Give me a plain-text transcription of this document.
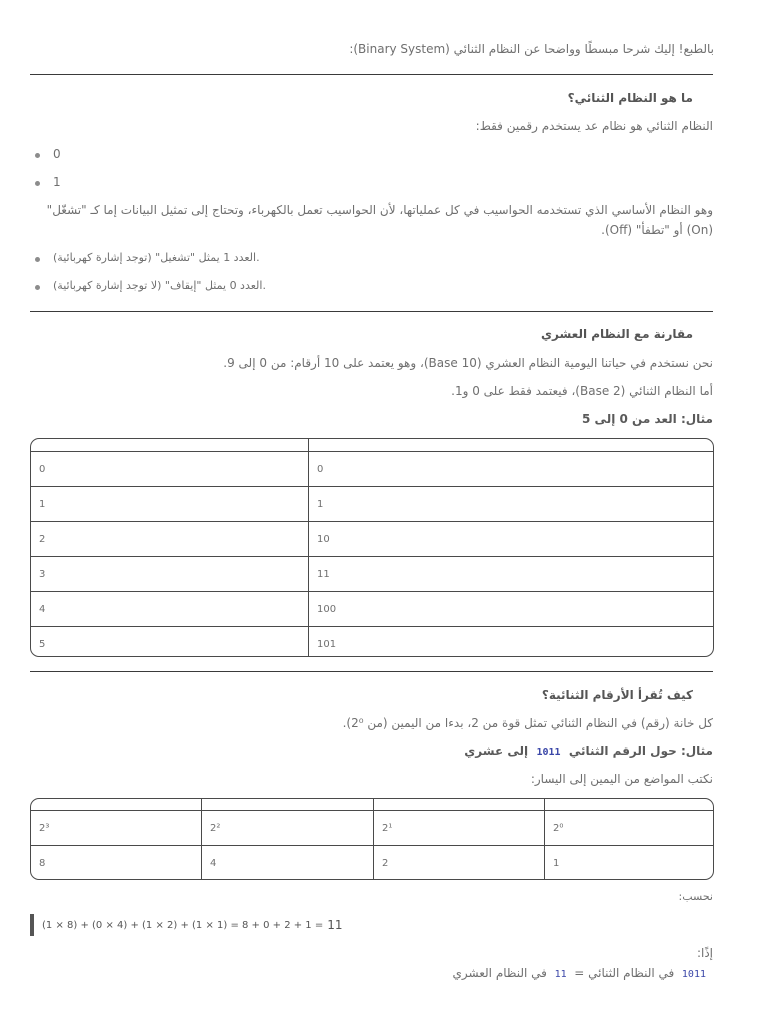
بالطبع! إليك شرحا مبسطًا وواضحا عن النظام الثنائي (Binary System):
ما هو النظام الثنائي؟
النظام الثنائي هو نظام عد يستخدم رقمين فقط:
0
1
وهو النظام الأساسي الذي تستخدمه الحواسيب في كل عملياتها، لأن الحواسيب تعمل بالكهرباء، وتحتاج إلى تمثيل البيانات إما كـ "تشغّل"
(On) أو "تطفأ" (Off).
العدد 1 يمثل "تشغيل" (توجد إشارة كهربائية).
العدد 0 يمثل "إيقاف" (لا توجد إشارة كهربائية).
مقارنة مع النظام العشري
نحن نستخدم في حياتنا اليومية النظام العشري (Base 10)، وهو يعتمد على 10 أرقام: من 0 إلى 9.
أما النظام الثنائي (Base 2)، فيعتمد فقط على 0 و1.
مثال: العد من 0 إلى 5
0	0
1	1
2	10
3	11
4	100
5	101
كيف تُقرأ الأرقام الثنائية؟
كل خانة (رقم) في النظام الثنائي تمثل قوة من 2، بدءا من اليمين (من 2⁰).
مثال: حول الرقم الثنائي  1011  إلى عشري
نكتب المواضع من اليمين إلى اليسار:
2³	2²	2¹	2⁰
8	4	2	1
نحسب:
(1 × 8) + (0 × 4) + (1 × 2) + (1 × 1) = 8 + 0 + 2 + 1 = 11
إذًا:
1011  في النظام الثنائي =  11  في النظام العشري
